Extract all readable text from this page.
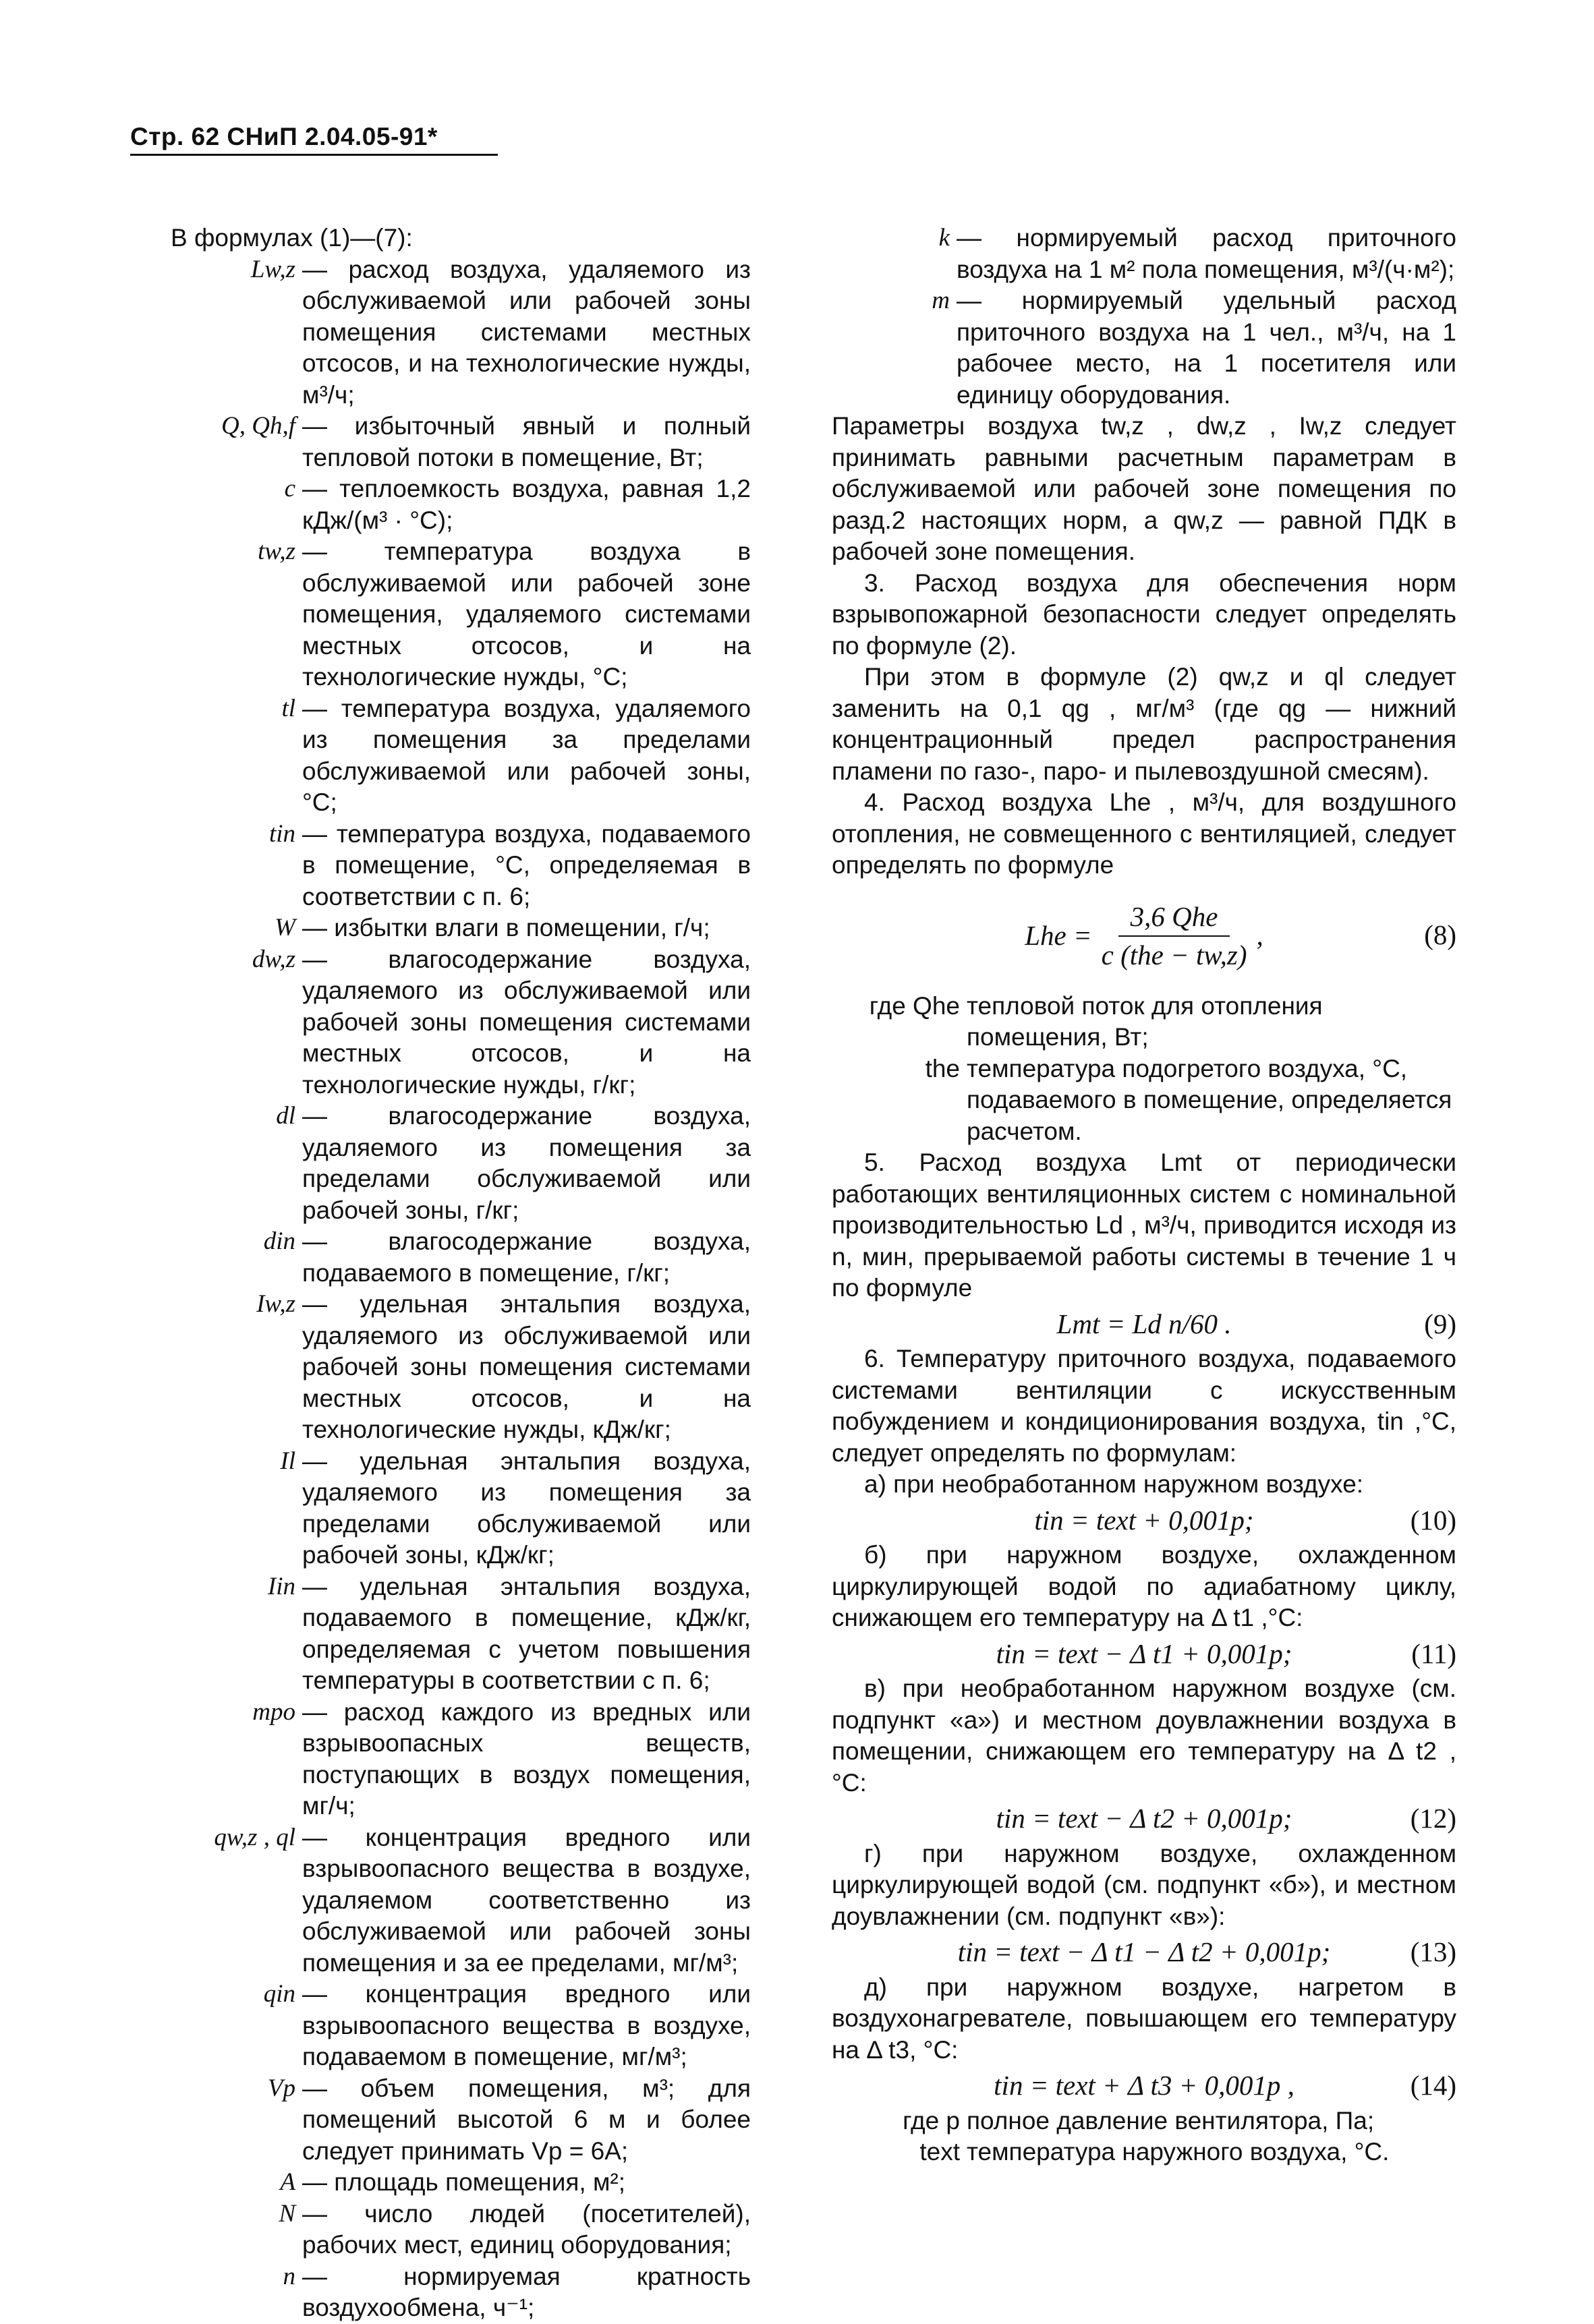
Стр. 62 СНиП 2.04.05-91*
В формулах (1)—(7):
Lw,z	— расход воздуха, удаляемого из обслуживаемой или рабочей зоны помещения системами местных отсосов, и на технологические нужды, м³/ч;
Q, Qh,f	— избыточный явный и полный тепловой потоки в помещение, Вт;
c	— теплоемкость воздуха, равная 1,2 кДж/(м³ · °С);
tw,z	— температура воздуха в обслуживаемой или рабочей зоне помещения, удаляемого системами местных отсосов, и на технологические нужды, °С;
tl	— температура воздуха, удаляемого из помещения за пределами обслуживаемой или рабочей зоны, °С;
tin	— температура воздуха, подаваемого в помещение, °С, определяемая в соответствии с п. 6;
W	— избытки влаги в помещении, г/ч;
dw,z	— влагосодержание воздуха, удаляемого из обслуживаемой или рабочей зоны помещения системами местных отсосов, и на технологические нужды, г/кг;
dl	— влагосодержание воздуха, удаляемого из помещения за пределами обслуживаемой или рабочей зоны, г/кг;
din	— влагосодержание воздуха, подаваемого в помещение, г/кг;
Iw,z	— удельная энтальпия воздуха, удаляемого из обслуживаемой или рабочей зоны помещения системами местных отсосов, и на технологические нужды, кДж/кг;
Il	— удельная энтальпия воздуха, удаляемого из помещения за пределами обслуживаемой или рабочей зоны, кДж/кг;
Iin	— удельная энтальпия воздуха, подаваемого в помещение, кДж/кг, определяемая с учетом повышения температуры в соответствии с п. 6;
mpo	— расход каждого из вредных или взрывоопасных веществ, поступающих в воздух помещения, мг/ч;
qw,z , ql	— концентрация вредного или взрывоопасного вещества в воздухе, удаляемом соответственно из обслуживаемой или рабочей зоны помещения и за ее пределами, мг/м³;
qin	— концентрация вредного или взрывоопасного вещества в воздухе, подаваемом в помещение, мг/м³;
Vp	— объем помещения, м³; для помещений высотой 6 м и более следует принимать Vp = 6A;
A	— площадь помещения, м²;
N	— число людей (посетителей), рабочих мест, единиц оборудования;
n	— нормируемая кратность воздухообмена, ч⁻¹;
k	— нормируемый расход приточного воздуха на 1 м² пола помещения, м³/(ч·м²);
m	— нормируемый удельный расход приточного воздуха на 1 чел., м³/ч, на 1 рабочее место, на 1 посетителя или единицу оборудования.

Параметры воздуха tw,z , dw,z , Iw,z следует принимать равными расчетным параметрам в обслуживаемой или рабочей зоне помещения по разд.2 настоящих норм, а qw,z — равной ПДК в рабочей зоне помещения.

3. Расход воздуха для обеспечения норм взрывопожарной безопасности следует определять по формуле (2).

При этом в формуле (2) qw,z и ql следует заменить на 0,1 qg , мг/м³ (где qg — нижний концентрационный предел распространения пламени по газо-, паро- и пылевоздушной смесям).

4. Расход воздуха Lhe , м³/ч, для воздушного отопления, не совмещенного с вентиляцией, следует определять по формуле

Lhe =
3,6 Qhe
c (the − tw,z)
,	(8)
где Qhe тепловой поток для отопления помещения, Вт;
the температура подогретого воздуха, °С, подаваемого в помещение, определяется расчетом.

5. Расход воздуха Lmt от периодически работающих вентиляционных систем с номинальной производительностью Ld , м³/ч, приводится исходя из n, мин, прерываемой работы системы в течение 1 ч по формуле

Lmt = Ld n/60 .	(9)

6. Температуру приточного воздуха, подаваемого системами вентиляции с искусственным побуждением и кондиционирования воздуха, tin ,°С, следует определять по формулам:

а) при необработанном наружном воздухе:

tin = text + 0,001p;	(10)

б) при наружном воздухе, охлажденном циркулирующей водой по адиабатному циклу, снижающем его температуру на Δ t1 ,°С:

tin = text − Δ t1 + 0,001p;	(11)

в) при необработанном наружном воздухе (см. подпункт «а») и местном доувлажнении воздуха в помещении, снижающем его температуру на Δ t2 , °С:

tin = text − Δ t2 + 0,001p;	(12)

г) при наружном воздухе, охлажденном циркулирующей водой (см. подпункт «б»), и местном доувлажнении (см. подпункт «в»):

tin = text − Δ t1 − Δ t2 + 0,001p;	(13)

д) при наружном воздухе, нагретом в воздухонагревателе, повышающем его температуру на Δ t3, °С:

tin = text + Δ t3 + 0,001p ,	(14)
где p полное давление вентилятора, Па;
text температура наружного воздуха, °С.
